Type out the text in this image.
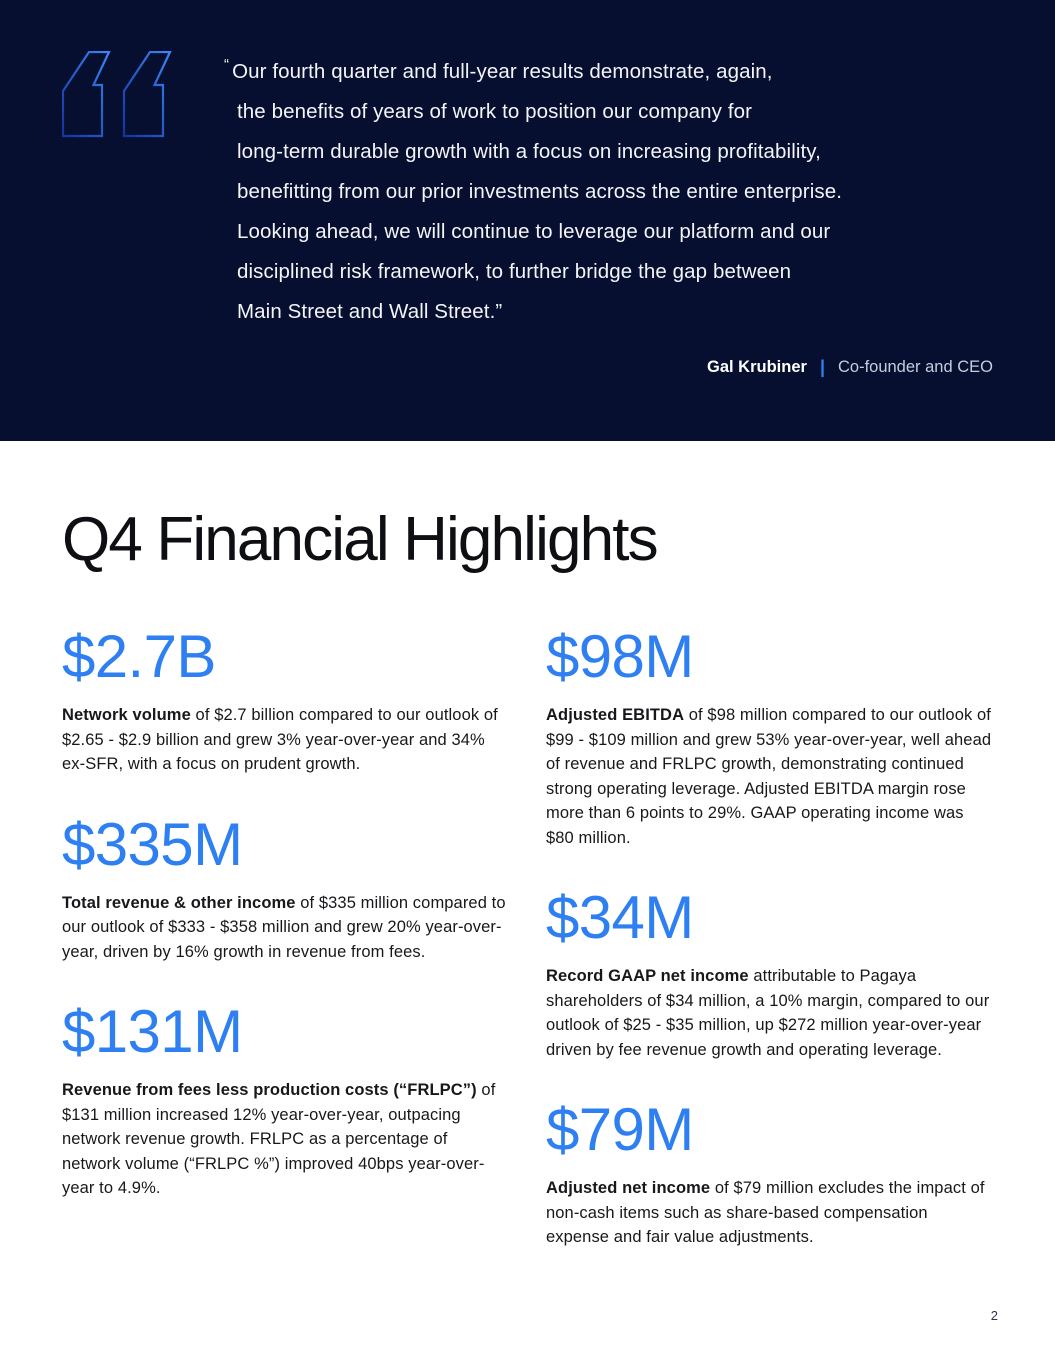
“ Our fourth quarter and full-year results demonstrate, again,
the benefits of years of work to position our company for
long-term durable growth with a focus on increasing profitability,
benefitting from our prior investments across the entire enterprise.
Looking ahead, we will continue to leverage our platform and our
disciplined risk framework, to further bridge the gap between
Main Street and Wall Street.”
Gal Krubiner | Co-founder and CEO
Q4 Financial Highlights
$2.7B

Network volume of $2.7 billion compared to our outlook of $2.65 - $2.9 billion and grew 3% year-over-year and 34% ex-SFR, with a focus on prudent growth.

$335M

Total revenue & other income of $335 million compared to our outlook of $333 - $358 million and grew 20% year-over-year, driven by 16% growth in revenue from fees.

$131M

Revenue from fees less production costs (“FRLPC”) of $131 million increased 12% year-over-year, outpacing network revenue growth. FRLPC as a percentage of network volume (“FRLPC %”) improved 40bps year-over-year to 4.9%.

$98M

Adjusted EBITDA of $98 million compared to our outlook of $99 - $109 million and grew 53% year-over-year, well ahead of revenue and FRLPC growth, demonstrating continued strong operating leverage. Adjusted EBITDA margin rose more than 6 points to 29%. GAAP operating income was $80 million.

$34M

Record GAAP net income attributable to Pagaya shareholders of $34 million, a 10% margin, compared to our outlook of $25 - $35 million, up $272 million year-over-year driven by fee revenue growth and operating leverage.

$79M

Adjusted net income of $79 million excludes the impact of non-cash items such as share-based compensation expense and fair value adjustments.

2
